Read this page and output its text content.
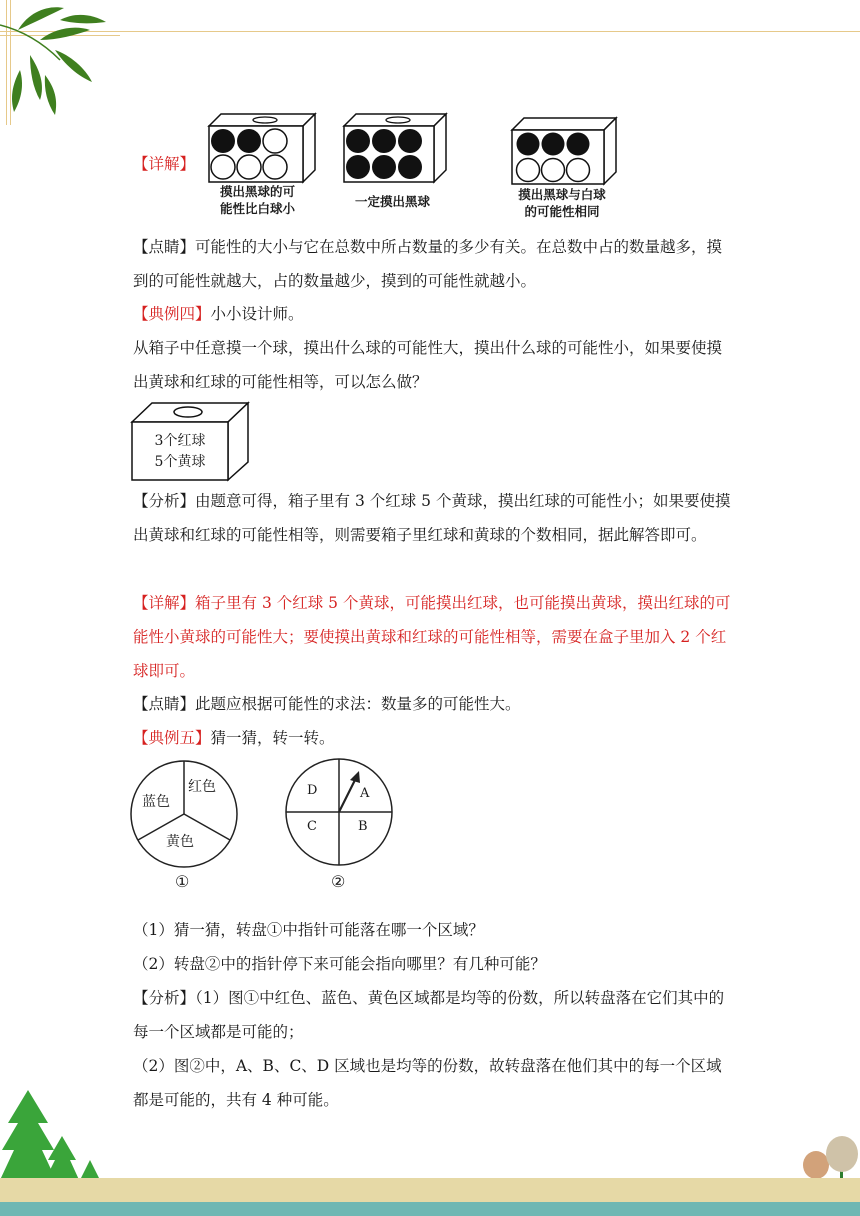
【详解】
摸出黑球的可
能性比白球小	一定摸出黑球	摸出黑球与白球
的可能性相同

【点睛】可能性的大小与它在总数中所占数量的多少有关。在总数中占的数量越多，摸到的可能性就越大，占的数量越少，摸到的可能性就越小。

【典例四】小小设计师。

从箱子中任意摸一个球，摸出什么球的可能性大，摸出什么球的可能性小，如果要使摸出黄球和红球的可能性相等，可以怎么做？

3个红球
5个黄球

【分析】由题意可得，箱子里有 3 个红球 5 个黄球，摸出红球的可能性小；如果要使摸出黄球和红球的可能性相等，则需要箱子里红球和黄球的个数相同，据此解答即可。

【详解】箱子里有 3 个红球 5 个黄球，可能摸出红球，也可能摸出黄球，摸出红球的可能性小黄球的可能性大；要使摸出黄球和红球的可能性相等，需要在盒子里加入 2 个红球即可。

【点睛】此题应根据可能性的求法：数量多的可能性大。
【典例五】猜一猜，转一转。
红色
蓝色
黄色
①
D	A
C	B
②
（1）猜一猜，转盘①中指针可能落在哪一个区域？
（2）转盘②中的指针停下来可能会指向哪里？有几种可能？

【分析】（1）图①中红色、蓝色、黄色区域都是均等的份数，所以转盘落在它们其中的每一个区域都是可能的；

（2）图②中，A、B、C、D 区域也是均等的份数，故转盘落在他们其中的每一个区域都是可能的，共有 4 种可能。
